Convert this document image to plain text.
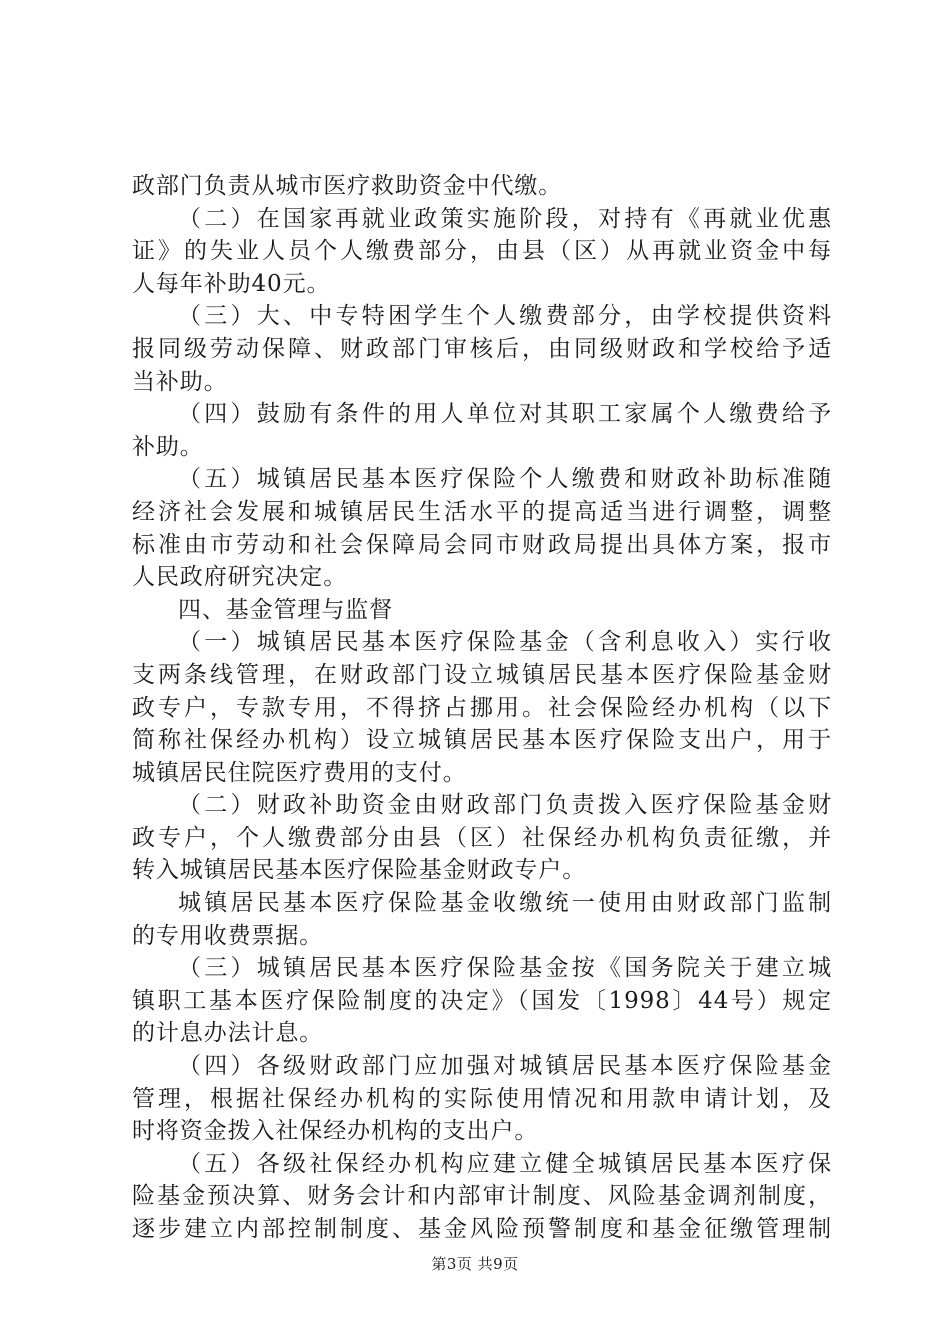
政部门负责从城市医疗救助资金中代缴。
（二）在国家再就业政策实施阶段，对持有《再就业优惠
证》的失业人员个人缴费部分，由县（区）从再就业资金中每
人每年补助40元。
（三）大、中专特困学生个人缴费部分，由学校提供资料
报同级劳动保障、财政部门审核后，由同级财政和学校给予适
当补助。
（四）鼓励有条件的用人单位对其职工家属个人缴费给予
补助。
（五）城镇居民基本医疗保险个人缴费和财政补助标准随
经济社会发展和城镇居民生活水平的提高适当进行调整，调整
标准由市劳动和社会保障局会同市财政局提出具体方案，报市
人民政府研究决定。
四、基金管理与监督
（一）城镇居民基本医疗保险基金（含利息收入）实行收
支两条线管理，在财政部门设立城镇居民基本医疗保险基金财
政专户，专款专用，不得挤占挪用。社会保险经办机构（以下
简称社保经办机构）设立城镇居民基本医疗保险支出户，用于
城镇居民住院医疗费用的支付。
（二）财政补助资金由财政部门负责拨入医疗保险基金财
政专户，个人缴费部分由县（区）社保经办机构负责征缴，并
转入城镇居民基本医疗保险基金财政专户。
城镇居民基本医疗保险基金收缴统一使用由财政部门监制
的专用收费票据。
（三）城镇居民基本医疗保险基金按《国务院关于建立城
镇职工基本医疗保险制度的决定》（国发〔1998〕44号）规定
的计息办法计息。
（四）各级财政部门应加强对城镇居民基本医疗保险基金
管理，根据社保经办机构的实际使用情况和用款申请计划，及
时将资金拨入社保经办机构的支出户。
（五）各级社保经办机构应建立健全城镇居民基本医疗保
险基金预决算、财务会计和内部审计制度、风险基金调剂制度，
逐步建立内部控制制度、基金风险预警制度和基金征缴管理制
第3页 共9页
